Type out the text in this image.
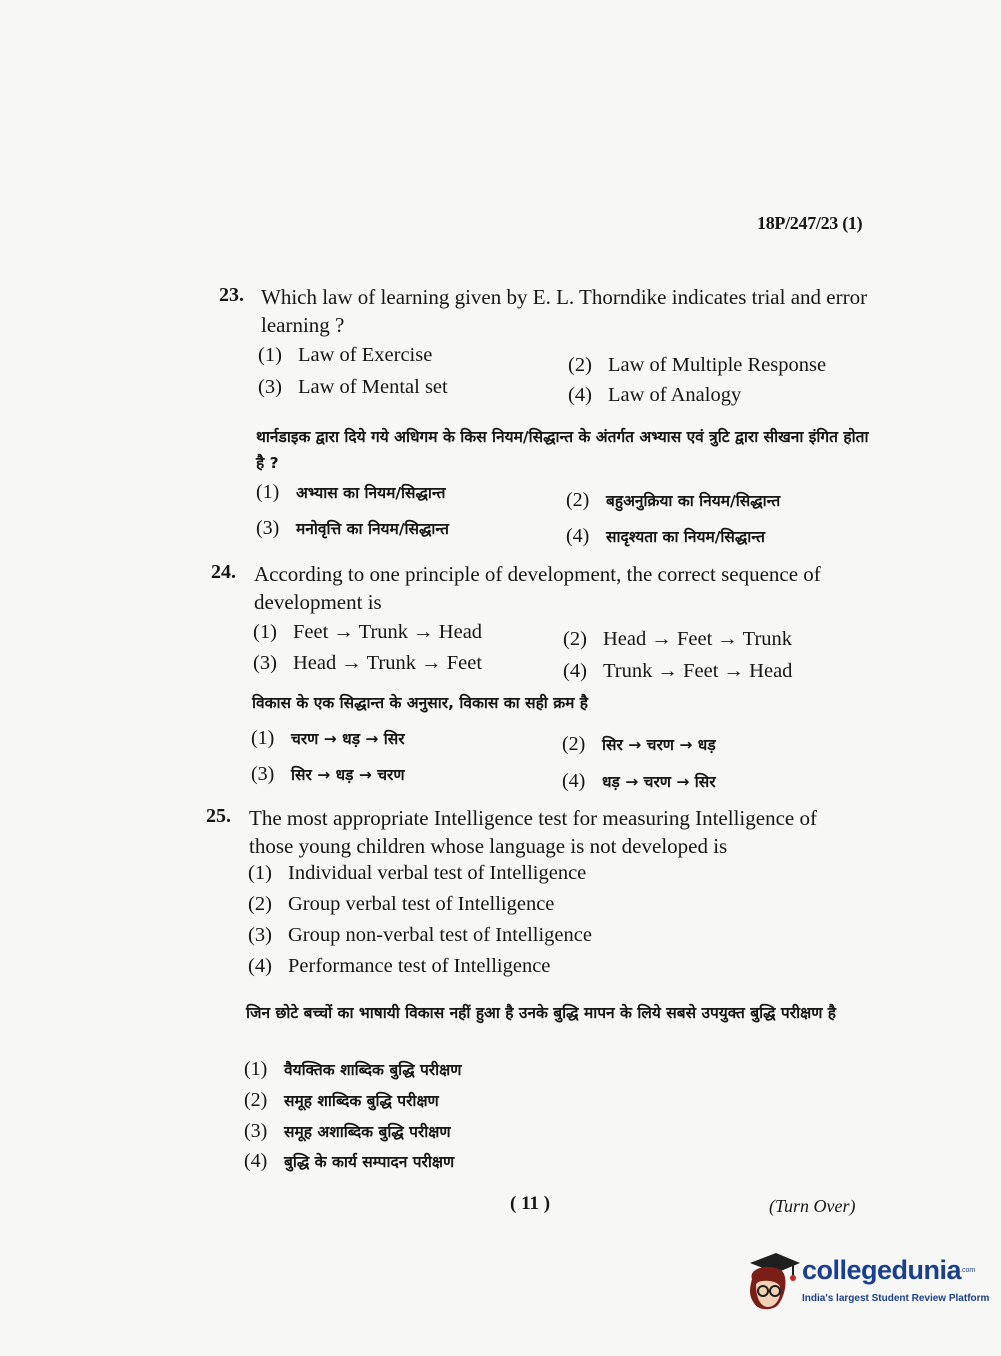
18P/247/23 (1)
23. Which law of learning given by E. L. Thorndike indicates trial and error learning ?
(1) Law of Exercise	(2) Law of Multiple Response
(3) Law of Mental set	(4) Law of Analogy
थार्नडाइक द्वारा दिये गये अधिगम के किस नियम/सिद्धान्त के अंतर्गत अभ्यास एवं त्रुटि द्वारा सीखना इंगित होता है ?
(1) अभ्यास का नियम/सिद्धान्त	(2) बहुअनुक्रिया का नियम/सिद्धान्त
(3) मनोवृत्ति का नियम/सिद्धान्त	(4) सादृश्यता का नियम/सिद्धान्त
24. According to one principle of development, the correct sequence of development is
(1) Feet → Trunk → Head	(2) Head → Feet → Trunk
(3) Head → Trunk → Feet	(4) Trunk → Feet → Head
विकास के एक सिद्धान्त के अनुसार, विकास का सही क्रम है
(1) चरण → धड़ → सिर	(2) सिर → चरण → धड़
(3) सिर → धड़ → चरण	(4) धड़ → चरण → सिर
25. The most appropriate Intelligence test for measuring Intelligence of those young children whose language is not developed is
(1) Individual verbal test of Intelligence
(2) Group verbal test of Intelligence
(3) Group non-verbal test of Intelligence
(4) Performance test of Intelligence
जिन छोटे बच्चों का भाषायी विकास नहीं हुआ है उनके बुद्धि मापन के लिये सबसे उपयुक्त बुद्धि परीक्षण है
(1) वैयक्तिक शाब्दिक बुद्धि परीक्षण
(2) समूह शाब्दिक बुद्धि परीक्षण
(3) समूह अशाब्दिक बुद्धि परीक्षण
(4) बुद्धि के कार्य सम्पादन परीक्षण
( 11 )	(Turn Over)
collegedunia
.com
India's largest Student Review Platform
